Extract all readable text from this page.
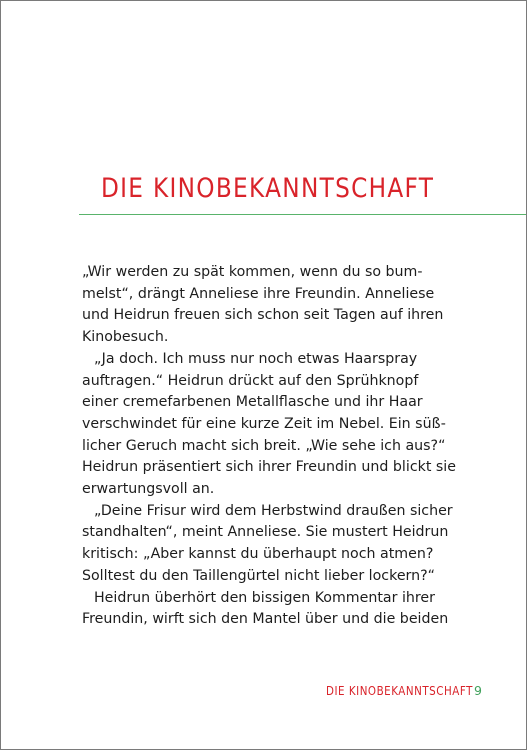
DIE KINOBEKANNTSCHAFT
„Wir werden zu spät kommen, wenn du so bum-
melst“, drängt Anneliese ihre Freundin. Anneliese
und Heidrun freuen sich schon seit Tagen auf ihren
Kinobesuch.
„Ja doch. Ich muss nur noch etwas Haarspray
auftragen.“ Heidrun drückt auf den Sprühknopf
einer cremefarbenen Metallflasche und ihr Haar
verschwindet für eine kurze Zeit im Nebel. Ein süß-
licher Geruch macht sich breit. „Wie sehe ich aus?“
Heidrun präsentiert sich ihrer Freundin und blickt sie
erwartungsvoll an.
„Deine Frisur wird dem Herbstwind draußen sicher
standhalten“, meint Anneliese. Sie mustert Heidrun
kritisch: „Aber kannst du überhaupt noch atmen?
Solltest du den Taillengürtel nicht lieber lockern?“
Heidrun überhört den bissigen Kommentar ihrer
Freundin, wirft sich den Mantel über und die beiden
DIE KINOBEKANNTSCHAFT 9
